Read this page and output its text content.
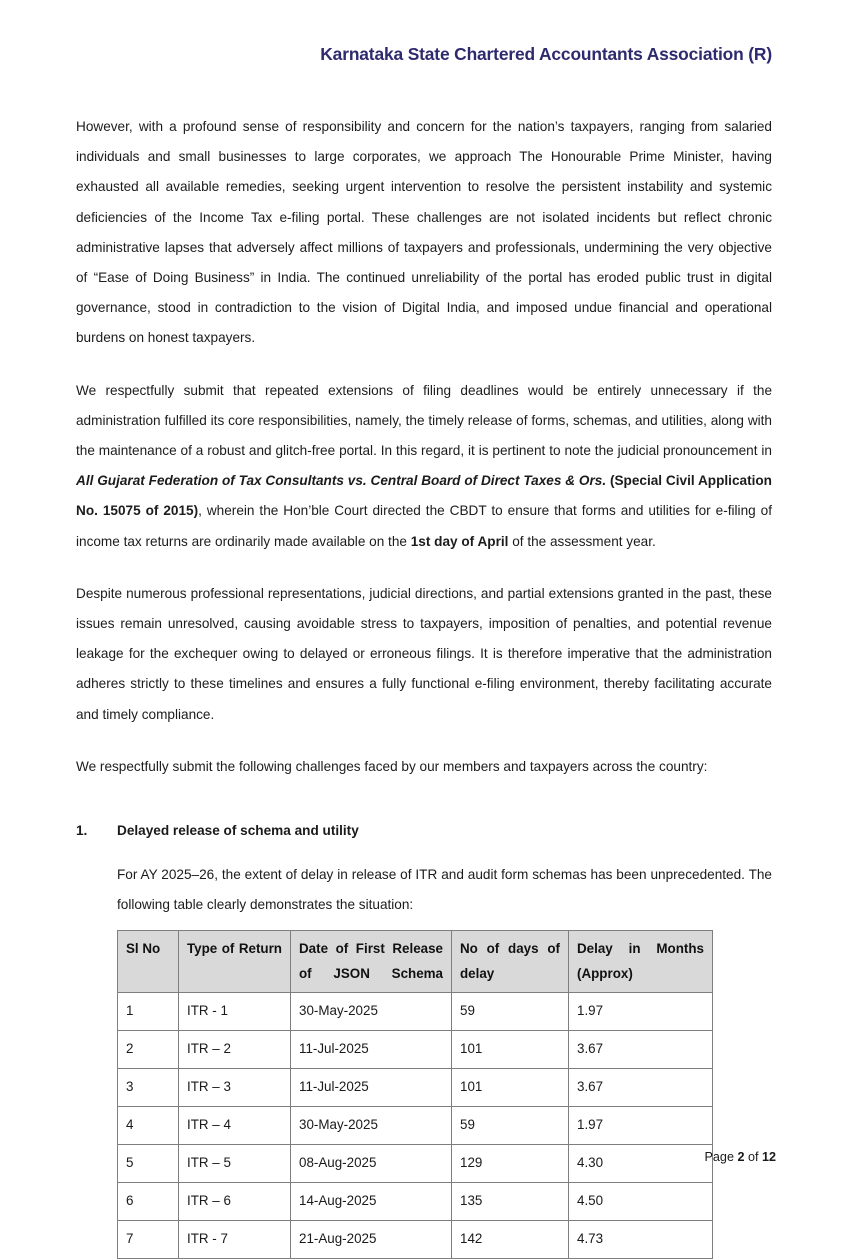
Karnataka State Chartered Accountants Association (R)

However, with a profound sense of responsibility and concern for the nation’s taxpayers, ranging from salaried individuals and small businesses to large corporates, we approach The Honourable Prime Minister, having exhausted all available remedies, seeking urgent intervention to resolve the persistent instability and systemic deficiencies of the Income Tax e-filing portal. These challenges are not isolated incidents but reflect chronic administrative lapses that adversely affect millions of taxpayers and professionals, undermining the very objective of “Ease of Doing Business” in India. The continued unreliability of the portal has eroded public trust in digital governance, stood in contradiction to the vision of Digital India, and imposed undue financial and operational burdens on honest taxpayers.

We respectfully submit that repeated extensions of filing deadlines would be entirely unnecessary if the administration fulfilled its core responsibilities, namely, the timely release of forms, schemas, and utilities, along with the maintenance of a robust and glitch-free portal. In this regard, it is pertinent to note the judicial pronouncement in All Gujarat Federation of Tax Consultants vs. Central Board of Direct Taxes & Ors. (Special Civil Application No. 15075 of 2015), wherein the Hon’ble Court directed the CBDT to ensure that forms and utilities for e-filing of income tax returns are ordinarily made available on the 1st day of April of the assessment year.

Despite numerous professional representations, judicial directions, and partial extensions granted in the past, these issues remain unresolved, causing avoidable stress to taxpayers, imposition of penalties, and potential revenue leakage for the exchequer owing to delayed or erroneous filings. It is therefore imperative that the administration adheres strictly to these timelines and ensures a fully functional e-filing environment, thereby facilitating accurate and timely compliance.

We respectfully submit the following challenges faced by our members and taxpayers across the country:

1.	Delayed release of schema and utility

For AY 2025–26, the extent of delay in release of ITR and audit form schemas has been unprecedented. The following table clearly demonstrates the situation:

Sl No	Type of Return	Date of First Release of JSON Schema	No of days of delay	Delay in Months (Approx)
1	ITR - 1	30-May-2025	59	1.97
2	ITR – 2	11-Jul-2025	101	3.67
3	ITR – 3	11-Jul-2025	101	3.67
4	ITR – 4	30-May-2025	59	1.97
5	ITR – 5	08-Aug-2025	129	4.30
6	ITR – 6	14-Aug-2025	135	4.50
7	ITR - 7	21-Aug-2025	142	4.73
Page 2 of 12
